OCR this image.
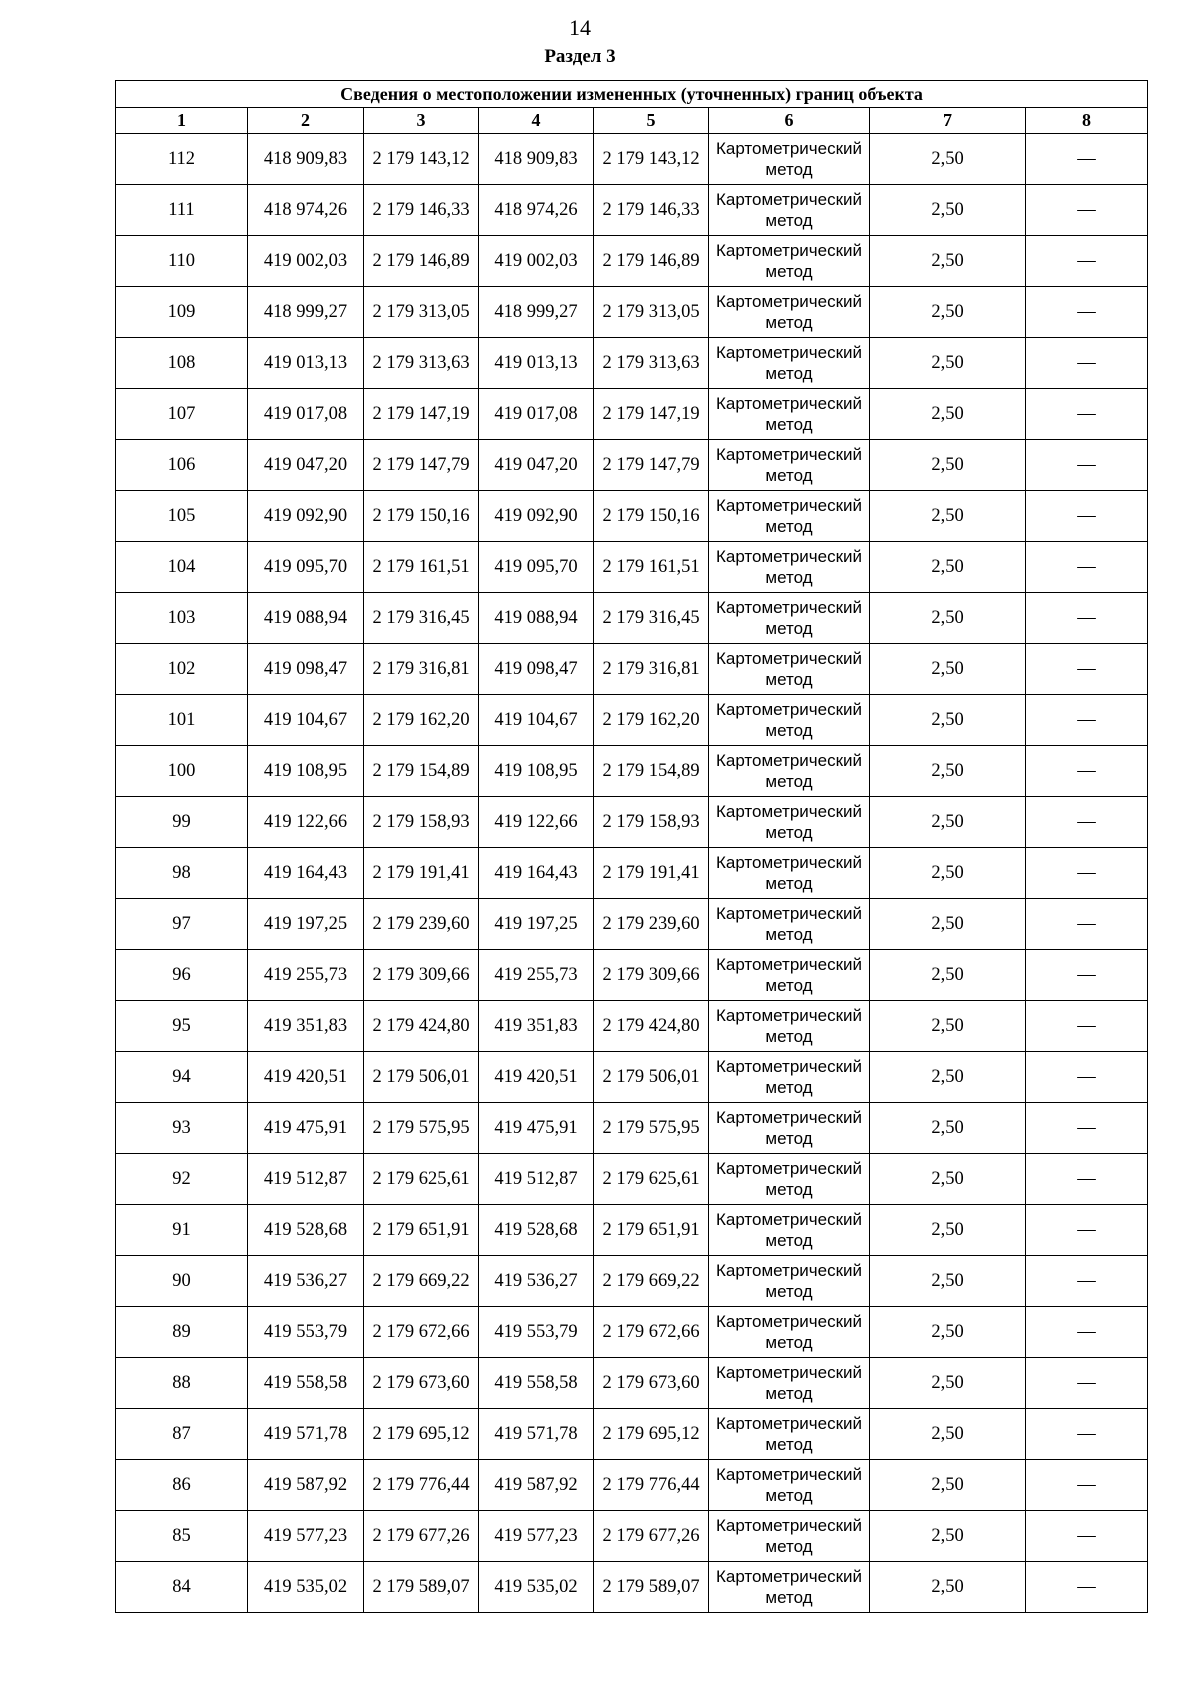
14
Раздел 3
Сведения о местоположении измененных (уточненных) границ объекта							
1	2	3	4	5	6	7	8
112	418 909,83	2 179 143,12	418 909,83	2 179 143,12	Картометрический метод	2,50	—
111	418 974,26	2 179 146,33	418 974,26	2 179 146,33	Картометрический метод	2,50	—
110	419 002,03	2 179 146,89	419 002,03	2 179 146,89	Картометрический метод	2,50	—
109	418 999,27	2 179 313,05	418 999,27	2 179 313,05	Картометрический метод	2,50	—
108	419 013,13	2 179 313,63	419 013,13	2 179 313,63	Картометрический метод	2,50	—
107	419 017,08	2 179 147,19	419 017,08	2 179 147,19	Картометрический метод	2,50	—
106	419 047,20	2 179 147,79	419 047,20	2 179 147,79	Картометрический метод	2,50	—
105	419 092,90	2 179 150,16	419 092,90	2 179 150,16	Картометрический метод	2,50	—
104	419 095,70	2 179 161,51	419 095,70	2 179 161,51	Картометрический метод	2,50	—
103	419 088,94	2 179 316,45	419 088,94	2 179 316,45	Картометрический метод	2,50	—
102	419 098,47	2 179 316,81	419 098,47	2 179 316,81	Картометрический метод	2,50	—
101	419 104,67	2 179 162,20	419 104,67	2 179 162,20	Картометрический метод	2,50	—
100	419 108,95	2 179 154,89	419 108,95	2 179 154,89	Картометрический метод	2,50	—
99	419 122,66	2 179 158,93	419 122,66	2 179 158,93	Картометрический метод	2,50	—
98	419 164,43	2 179 191,41	419 164,43	2 179 191,41	Картометрический метод	2,50	—
97	419 197,25	2 179 239,60	419 197,25	2 179 239,60	Картометрический метод	2,50	—
96	419 255,73	2 179 309,66	419 255,73	2 179 309,66	Картометрический метод	2,50	—
95	419 351,83	2 179 424,80	419 351,83	2 179 424,80	Картометрический метод	2,50	—
94	419 420,51	2 179 506,01	419 420,51	2 179 506,01	Картометрический метод	2,50	—
93	419 475,91	2 179 575,95	419 475,91	2 179 575,95	Картометрический метод	2,50	—
92	419 512,87	2 179 625,61	419 512,87	2 179 625,61	Картометрический метод	2,50	—
91	419 528,68	2 179 651,91	419 528,68	2 179 651,91	Картометрический метод	2,50	—
90	419 536,27	2 179 669,22	419 536,27	2 179 669,22	Картометрический метод	2,50	—
89	419 553,79	2 179 672,66	419 553,79	2 179 672,66	Картометрический метод	2,50	—
88	419 558,58	2 179 673,60	419 558,58	2 179 673,60	Картометрический метод	2,50	—
87	419 571,78	2 179 695,12	419 571,78	2 179 695,12	Картометрический метод	2,50	—
86	419 587,92	2 179 776,44	419 587,92	2 179 776,44	Картометрический метод	2,50	—
85	419 577,23	2 179 677,26	419 577,23	2 179 677,26	Картометрический метод	2,50	—
84	419 535,02	2 179 589,07	419 535,02	2 179 589,07	Картометрический метод	2,50	—
